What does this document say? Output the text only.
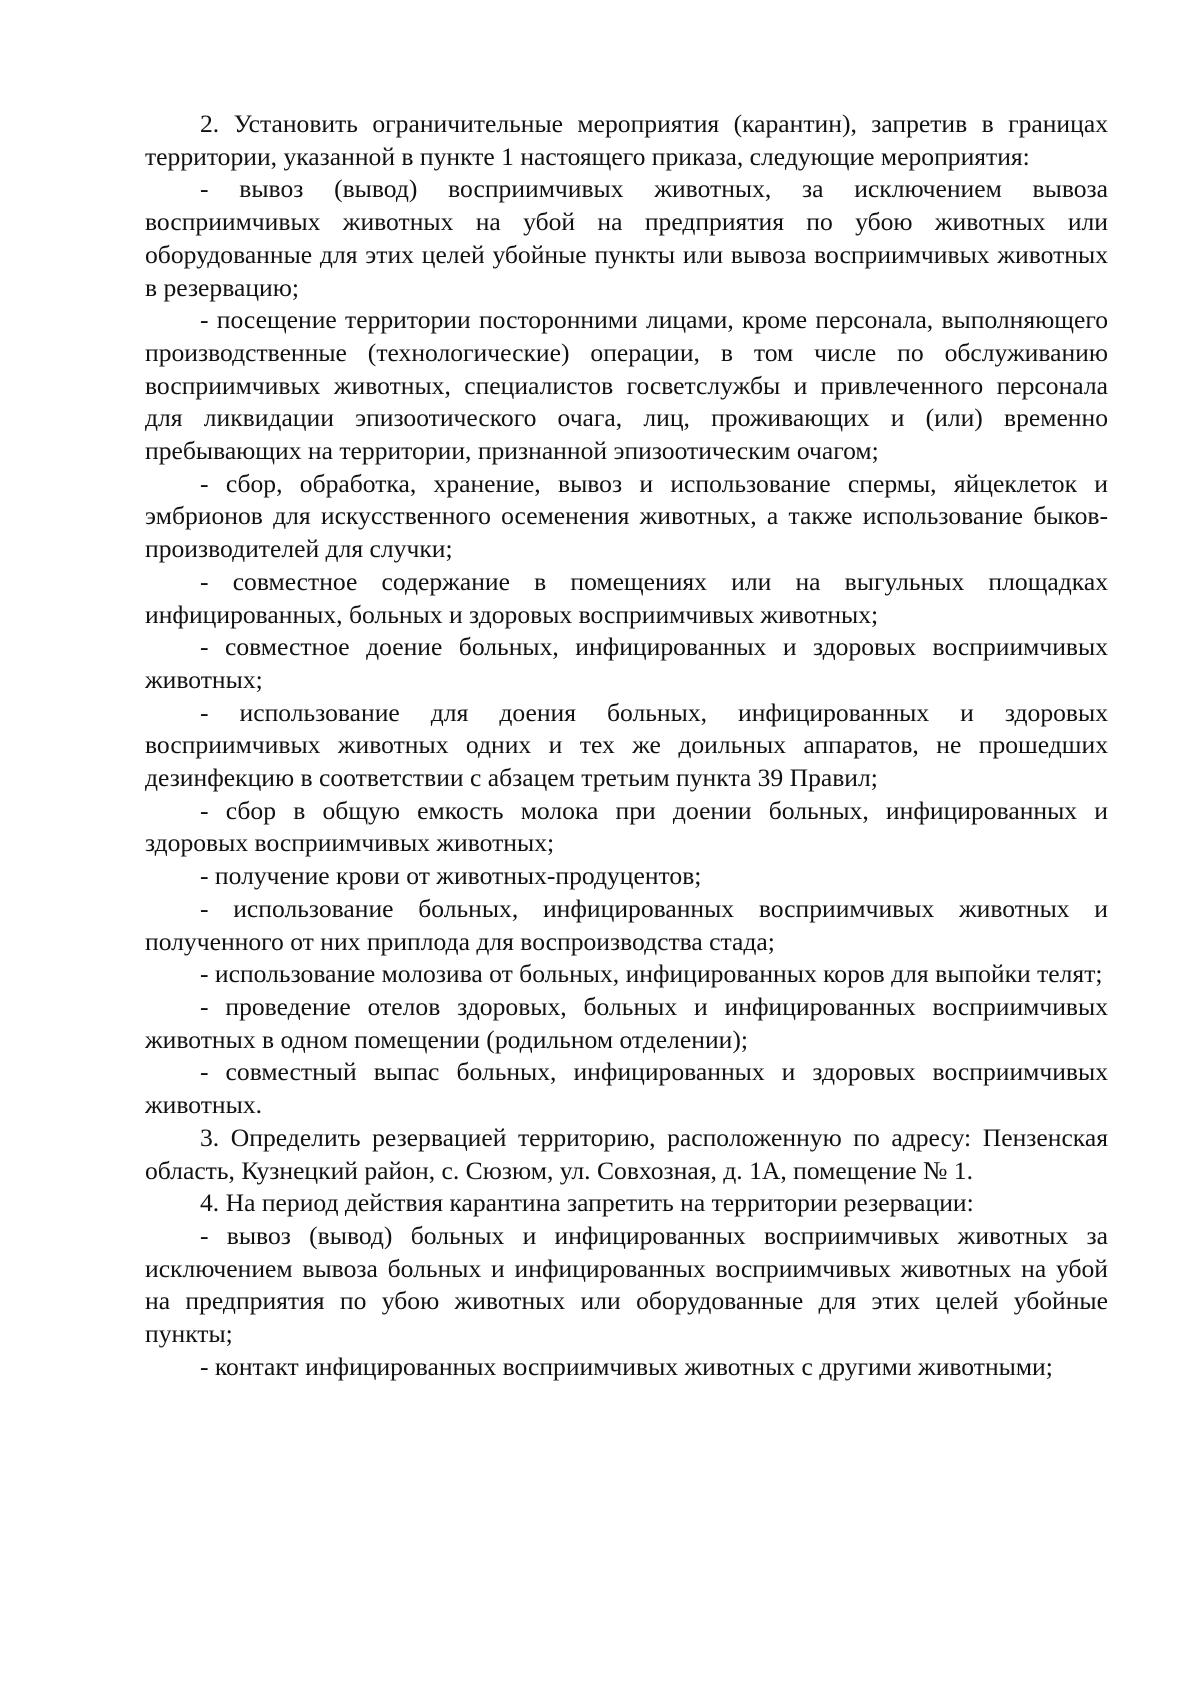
2. Установить ограничительные мероприятия (карантин), запретив в границах территории, указанной в пункте 1 настоящего приказа, следующие мероприятия:

- вывоз (вывод) восприимчивых животных, за исключением вывоза восприимчивых животных на убой на предприятия по убою животных или оборудованные для этих целей убойные пункты или вывоза восприимчивых животных в резервацию;

- посещение территории посторонними лицами, кроме персонала, выполняющего производственные (технологические) операции, в том числе по обслуживанию восприимчивых животных, специалистов госветслужбы и привлеченного персонала для ликвидации эпизоотического очага, лиц, проживающих и (или) временно пребывающих на территории, признанной эпизоотическим очагом;

- сбор, обработка, хранение, вывоз и использование спермы, яйцеклеток и эмбрионов для искусственного осеменения животных, а также использование быков-производителей для случки;

- совместное содержание в помещениях или на выгульных площадках инфицированных, больных и здоровых восприимчивых животных;

- совместное доение больных, инфицированных и здоровых восприимчивых животных;

- использование для доения больных, инфицированных и здоровых восприимчивых животных одних и тех же доильных аппаратов, не прошедших дезинфекцию в соответствии с абзацем третьим пункта 39 Правил;

- сбор в общую емкость молока при доении больных, инфицированных и здоровых восприимчивых животных;

- получение крови от животных-продуцентов;

- использование больных, инфицированных восприимчивых животных и полученного от них приплода для воспроизводства стада;

- использование молозива от больных, инфицированных коров для выпойки телят;

- проведение отелов здоровых, больных и инфицированных восприимчивых животных в одном помещении (родильном отделении);

- совместный выпас больных, инфицированных и здоровых восприимчивых животных.

3. Определить резервацией территорию, расположенную по адресу: Пензенская область, Кузнецкий район, с. Сюзюм, ул. Совхозная, д. 1А, помещение № 1.

4. На период действия карантина запретить на территории резервации:

- вывоз (вывод) больных и инфицированных восприимчивых животных за исключением вывоза больных и инфицированных восприимчивых животных на убой на предприятия по убою животных или оборудованные для этих целей убойные пункты;

- контакт инфицированных восприимчивых животных с другими животными;
